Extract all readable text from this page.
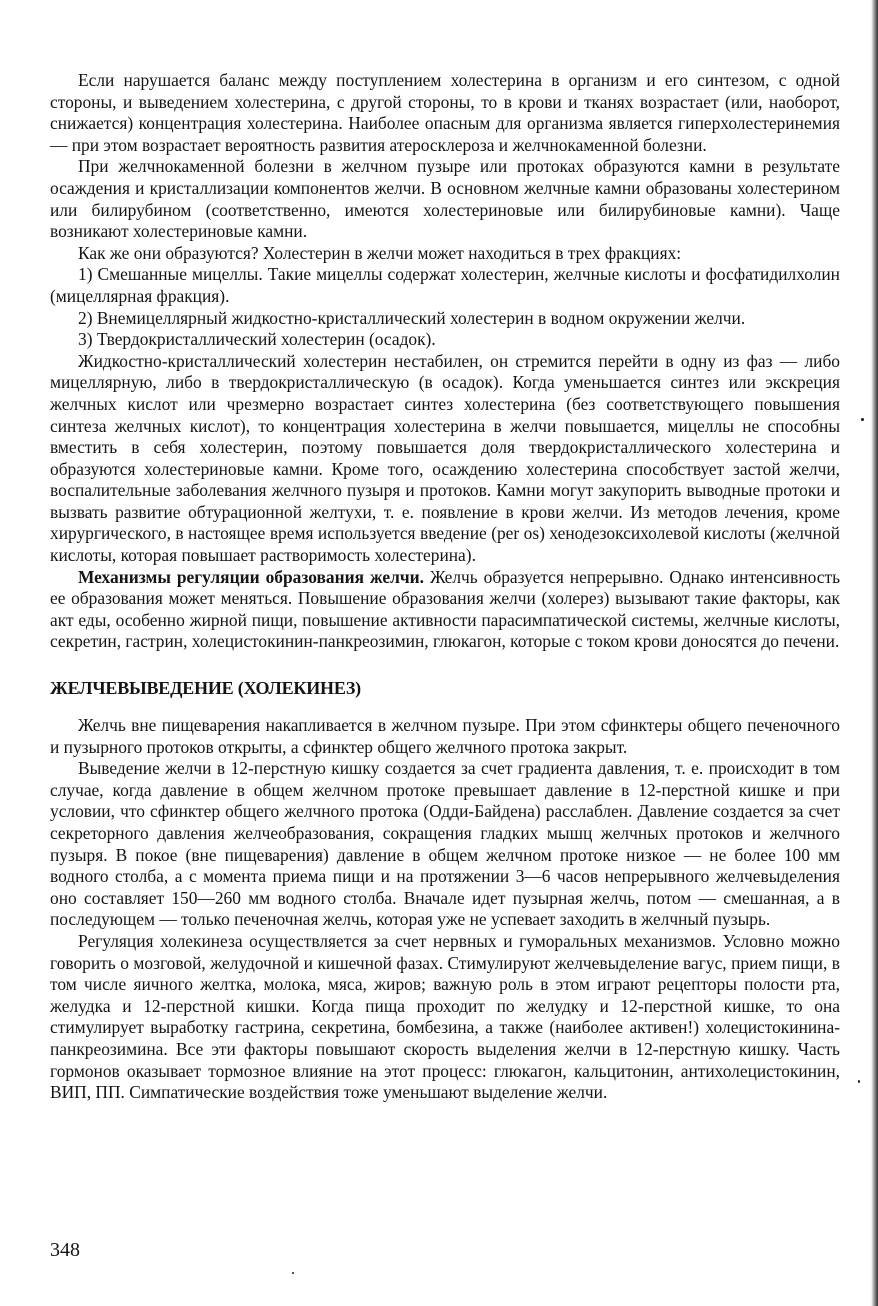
Если нарушается баланс между поступлением холестерина в организм и его синтезом, с одной стороны, и выведением холестерина, с другой стороны, то в крови и тканях возрастает (или, наоборот, снижается) концентрация холестерина. Наиболее опасным для организма является гиперхолестеринемия — при этом возрастает вероятность развития атеросклероза и желчнокаменной болезни.

При желчнокаменной болезни в желчном пузыре или протоках образуются камни в результате осаждения и кристаллизации компонентов желчи. В основном желчные камни образованы холестерином или билирубином (соответственно, имеются холестериновые или билирубиновые камни). Чаще возникают холестериновые камни.

Как же они образуются? Холестерин в желчи может находиться в трех фракциях:

1) Смешанные мицеллы. Такие мицеллы содержат холестерин, желчные кислоты и фосфатидилхолин (мицеллярная фракция).

2) Внемицеллярный жидкостно-кристаллический холестерин в водном окружении желчи.

3) Твердокристаллический холестерин (осадок).

Жидкостно-кристаллический холестерин нестабилен, он стремится перейти в одну из фаз — либо мицеллярную, либо в твердокристаллическую (в осадок). Когда уменьшается синтез или экскреция желчных кислот или чрезмерно возрастает синтез холестерина (без соответствующего повышения синтеза желчных кислот), то концентрация холестерина в желчи повышается, мицеллы не способны вместить в себя холестерин, поэтому повышается доля твердокристаллического холестерина и образуются холестериновые камни. Кроме того, осаждению холестерина способствует застой желчи, воспалительные заболевания желчного пузыря и протоков. Камни могут закупорить выводные протоки и вызвать развитие обтурационной желтухи, т. е. появление в крови желчи. Из методов лечения, кроме хирургического, в настоящее время используется введение (per os) хенодезоксихолевой кислоты (желчной кислоты, которая повышает растворимость холестерина).

Механизмы регуляции образования желчи. Желчь образуется непрерывно. Однако интенсивность ее образования может меняться. Повышение образования желчи (холерез) вызывают такие факторы, как акт еды, особенно жирной пищи, повышение активности парасимпатической системы, желчные кислоты, секретин, гастрин, холецистокинин-панкреозимин, глюкагон, которые с током крови доносятся до печени.

ЖЕЛЧЕВЫВЕДЕНИЕ (ХОЛЕКИНЕЗ)

Желчь вне пищеварения накапливается в желчном пузыре. При этом сфинктеры общего печеночного и пузырного протоков открыты, а сфинктер общего желчного протока закрыт.

Выведение желчи в 12-перстную кишку создается за счет градиента давления, т. е. происходит в том случае, когда давление в общем желчном протоке превышает давление в 12-перстной кишке и при условии, что сфинктер общего желчного протока (Одди-Байдена) расслаблен. Давление создается за счет секреторного давления желчеобразования, сокращения гладких мышц желчных протоков и желчного пузыря. В покое (вне пищеварения) давление в общем желчном протоке низкое — не более 100 мм водного столба, а с момента приема пищи и на протяжении 3—6 часов непрерывного желчевыделения оно составляет 150—260 мм водного столба. Вначале идет пузырная желчь, потом — смешанная, а в последующем — только печеночная желчь, которая уже не успевает заходить в желчный пузырь.

Регуляция холекинеза осуществляется за счет нервных и гуморальных механизмов. Условно можно говорить о мозговой, желудочной и кишечной фазах. Стимулируют желчевыделение вагус, прием пищи, в том числе яичного желтка, молока, мяса, жиров; важную роль в этом играют рецепторы полости рта, желудка и 12-перстной кишки. Когда пища проходит по желудку и 12-перстной кишке, то она стимулирует выработку гастрина, секретина, бомбезина, а также (наиболее активен!) холецистокинина-панкреозимина. Все эти факторы повышают скорость выделения желчи в 12-перстную кишку. Часть гормонов оказывает тормозное влияние на этот процесс: глюкагон, кальцитонин, антихолецистокинин, ВИП, ПП. Симпатические воздействия тоже уменьшают выделение желчи.

348
